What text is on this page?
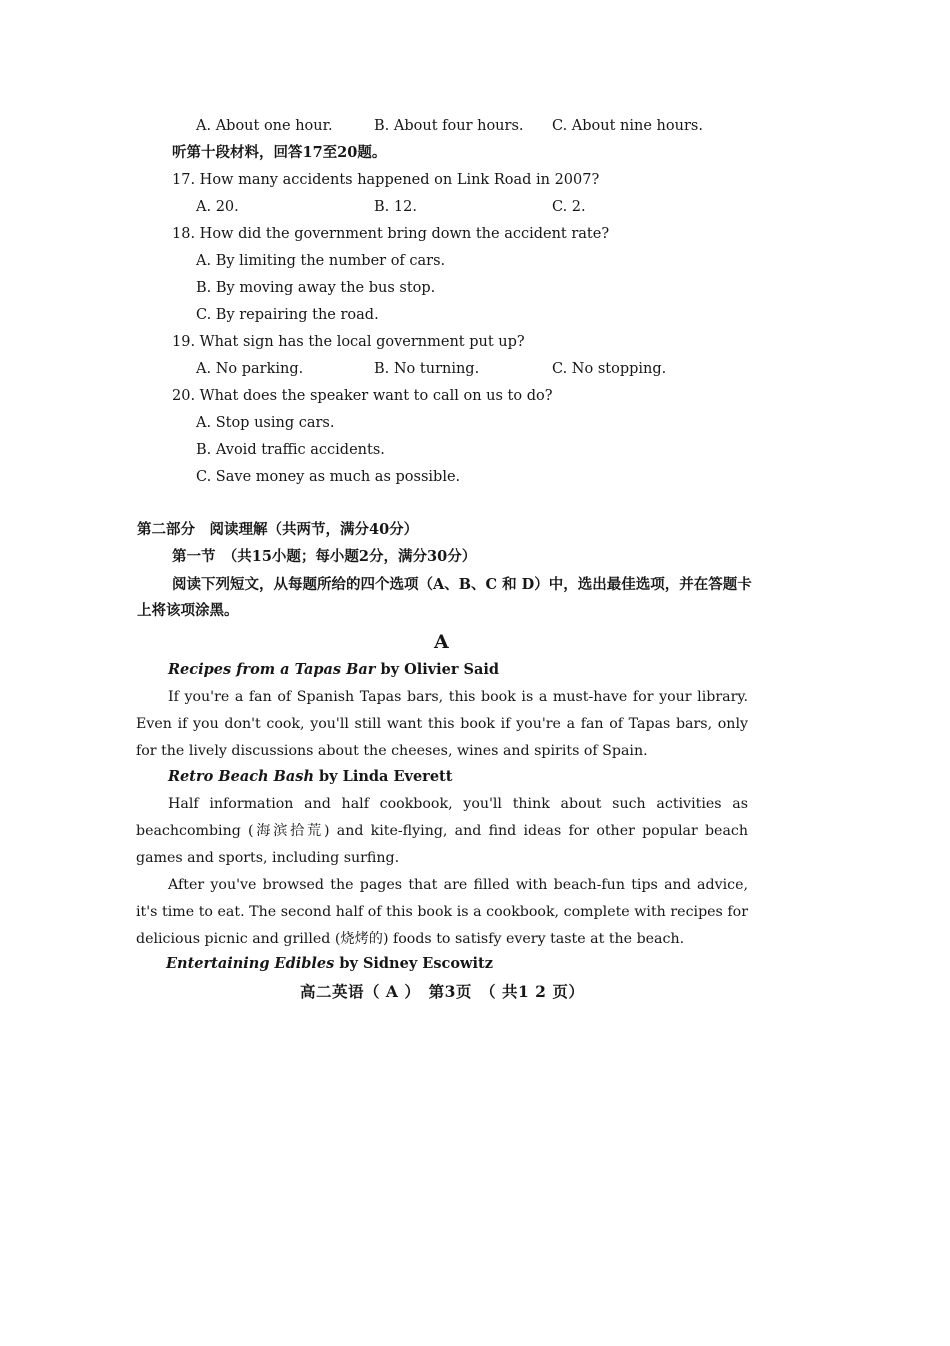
A. About one hour.	B. About four hours. C. About nine hours.
听第十段材料，回答17至20题。
17. How many accidents happened on Link Road in 2007?
A. 20.	B. 12.	C. 2.
18. How did the government bring down the accident rate?
A. By limiting the number of cars.
B. By moving away the bus stop.
C. By repairing the road.
19. What sign has the local government put up?
A. No parking.	B. No turning.	C. No stopping.
20. What does the speaker want to call on us to do?
A. Stop using cars.
B. Avoid traffic accidents.
C. Save money as much as possible.
第二部分　阅读理解（共两节，满分40分）
第一节　（共15小题；每小题2分，满分30分）
阅读下列短文，从每题所给的四个选项（A、B、C 和 D）中，选出最佳选项，并在答题卡
上将该项涂黑。
A
Recipes from a Tapas Bar by Olivier Said

If you're a fan of Spanish Tapas bars, this book is a must-have for your library. Even if you don't cook, you'll still want this book if you're a fan of Tapas bars, only for the lively discussions about the cheeses, wines and spirits of Spain.

Retro Beach Bash by Linda Everett

Half information and half cookbook, you'll think about such activities as beachcombing (海滨拾荒) and kite-flying, and find ideas for other popular beach games and sports, including surfing.

After you've browsed the pages that are filled with beach-fun tips and advice, it's time to eat. The second half of this book is a cookbook, complete with recipes for delicious picnic and grilled (烧烤的) foods to satisfy every taste at the beach.

Entertaining Edibles by Sidney Escowitz
高二英语（ A ）　第3页　（ 共1 2 页）
